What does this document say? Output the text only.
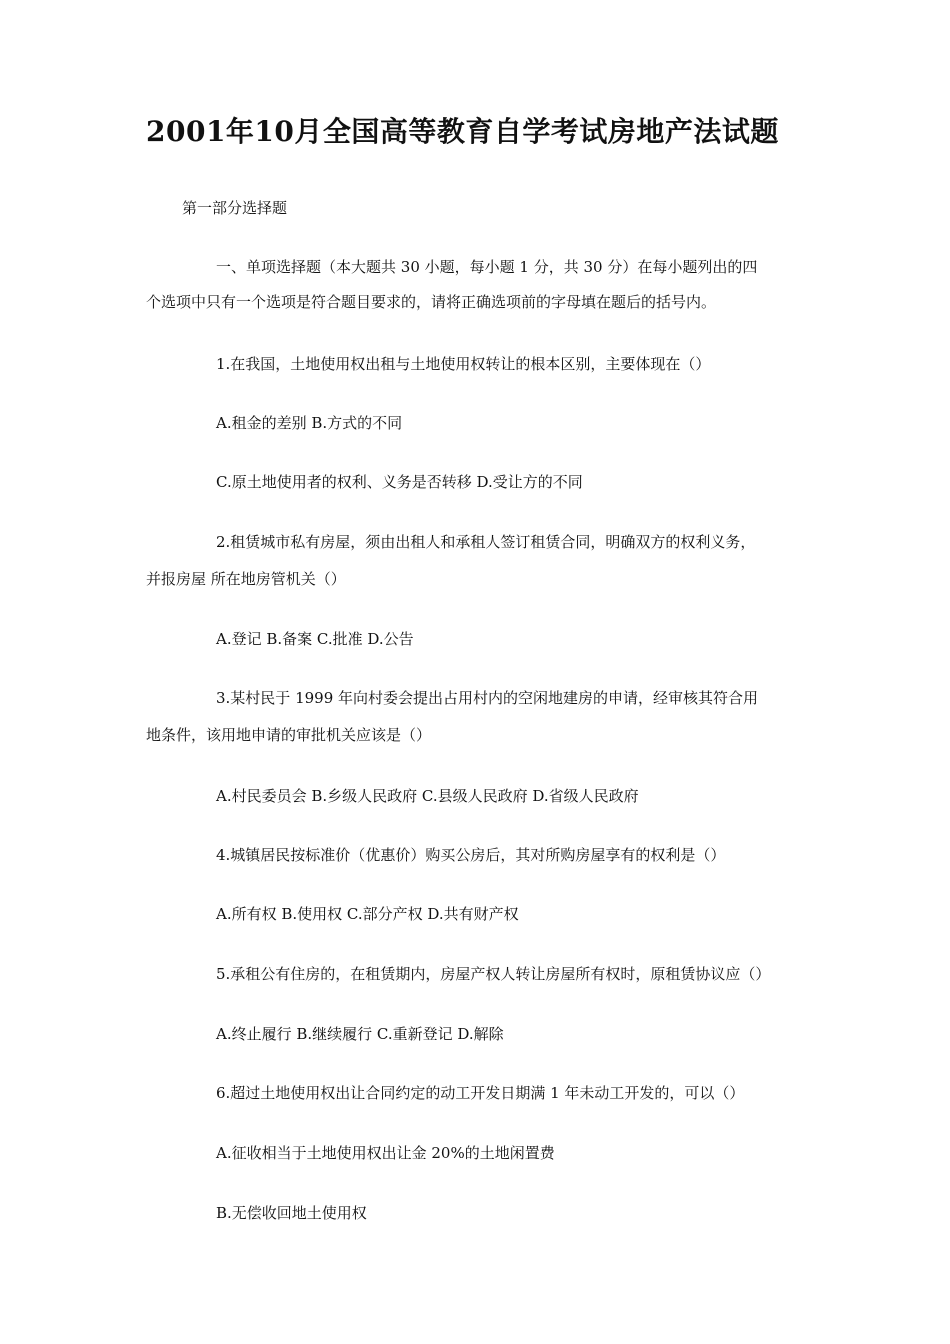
2001年10月全国高等教育自学考试房地产法试题
第一部分选择题
一、单项选择题（本大题共 30 小题，每小题 1 分，共 30 分）在每小题列出的四
个选项中只有一个选项是符合题目要求的，请将正确选项前的字母填在题后的括号内。
1.在我国，土地使用权出租与土地使用权转让的根本区别，主要体现在（）
A.租金的差别 B.方式的不同
C.原土地使用者的权利、义务是否转移 D.受让方的不同
2.租赁城市私有房屋，须由出租人和承租人签订租赁合同，明确双方的权利义务，
并报房屋 所在地房管机关（）
A.登记 B.备案 C.批准 D.公告
3.某村民于 1999 年向村委会提出占用村内的空闲地建房的申请，经审核其符合用
地条件，该用地申请的审批机关应该是（）
A.村民委员会 B.乡级人民政府 C.县级人民政府 D.省级人民政府
4.城镇居民按标准价（优惠价）购买公房后，其对所购房屋享有的权利是（）
A.所有权 B.使用权 C.部分产权 D.共有财产权
5.承租公有住房的，在租赁期内，房屋产权人转让房屋所有权时，原租赁协议应（）
A.终止履行 B.继续履行 C.重新登记 D.解除
6.超过土地使用权出让合同约定的动工开发日期满 1 年未动工开发的，可以（）
A.征收相当于土地使用权出让金 20%的土地闲置费
B.无偿收回地土使用权
